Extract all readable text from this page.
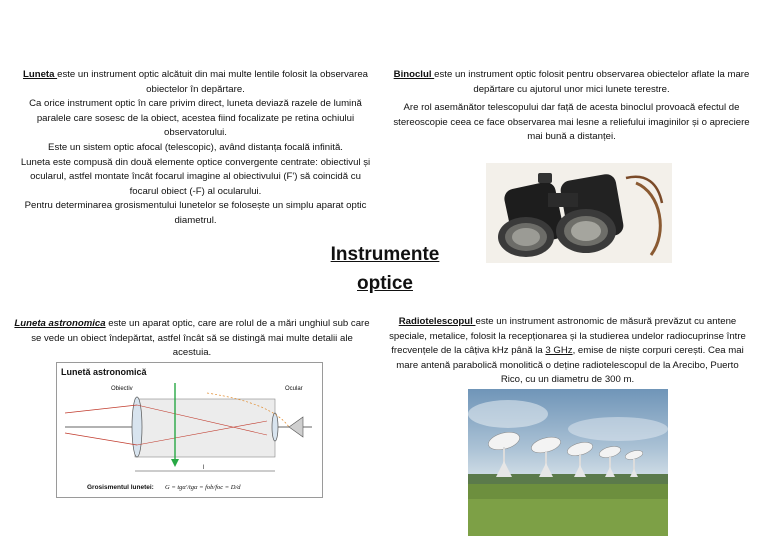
Luneta este un instrument optic alcătuit din mai multe lentile folosit la observarea obiectelor în depărtare.

Ca orice instrument optic în care privim direct, luneta deviază razele de lumină paralele care sosesc de la obiect, acestea fiind focalizate pe retina ochiului observatorului.

Este un sistem optic afocal (telescopic), având distanța focală infinită.

Luneta este compusă din două elemente optice convergente centrate: obiectivul și ocularul, astfel montate încât focarul imagine al obiectivului (F') să coincidă cu focarul obiect (-F) al ocularului.

Pentru determinarea grosismentului lunetelor se folosește un simplu aparat optic diametrul.

Binoclul este un instrument optic folosit pentru observarea obiectelor aflate la mare depărtare cu ajutorul unor mici lunete terestre.

Are rol asemănător telescopului dar față de acesta binoclul provoacă efectul de stereoscopie ceea ce face observarea mai lesne a reliefului imaginilor și o apreciere mai bună a distanței.

Instrumente
optice

Luneta astronomica este un aparat optic, care are rolul de a mări unghiul sub care se vede un obiect îndepărtat, astfel încât să se distingă mai multe detalii ale acestuia.

Lunetă astronomică
Obiectiv	Ocular
l
Grosismentul lunetei: G = tgα'/tgα = fob/foc = D/d

Radiotelescopul este un instrument astronomic de măsură prevăzut cu antene speciale, metalice, folosit la recepționarea și la studierea undelor radiocuprinse între frecvențele de la câțiva kHz până la 3 GHz, emise de niște corpuri cerești. Cea mai mare antenă parabolică monolitică o deține radiotelescopul de la Arecibo, Puerto Rico, cu un diametru de 300 m.
